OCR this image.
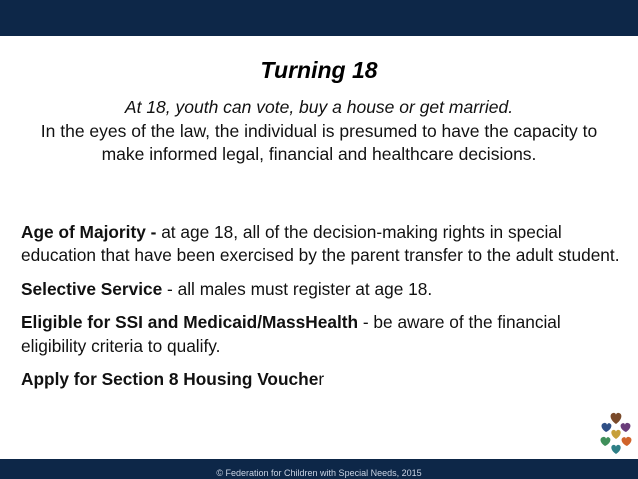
Turning 18
At 18, youth can vote, buy a house or get married.
In the eyes of the law, the individual is presumed to have the capacity to make informed legal, financial and healthcare decisions.

Age of Majority - at age 18, all of the decision-making rights in special education that have been exercised by the parent transfer to the adult student.

Selective Service - all males must register at age 18.

Eligible for SSI and Medicaid/MassHealth - be aware of the financial eligibility criteria to qualify.

Apply for Section 8 Housing Voucher

© Federation for Children with Special Needs, 2015
